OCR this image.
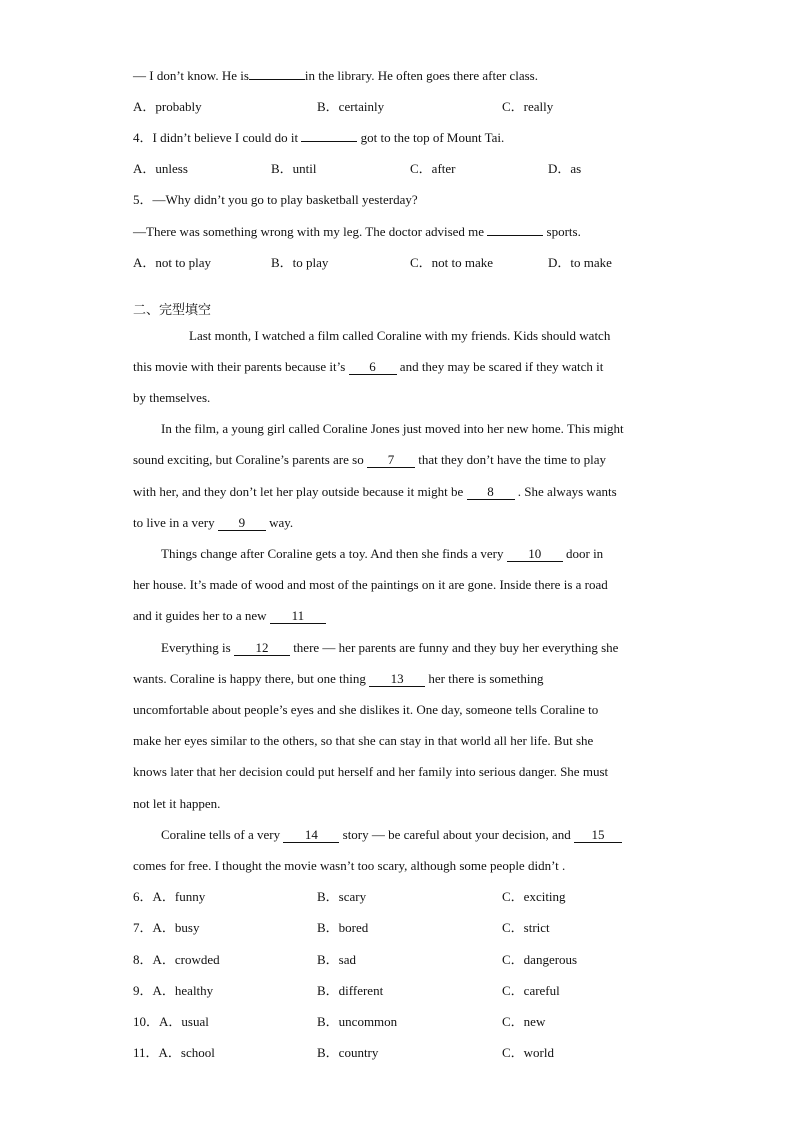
— I don’t know. He is	in the library. He often goes there after class.
A．probably	B．certainly	C．really
4．I didn’t believe I could do it	got to the top of Mount Tai.
A．unless	B．until	C．after	D．as
5．—Why didn’t you go to play basketball yesterday?
—There was something wrong with my leg. The doctor advised me	sports.
A．not to play	B．to play	C．not to make	D．to make
二、完型填空
Last month, I watched a film called Coraline with my friends. Kids should watch
this movie with their parents because it’s 6 and they may be scared if they watch it
by themselves.
In the film, a young girl called Coraline Jones just moved into her new home. This might
sound exciting, but Coraline’s parents are so 7 that they don’t have the time to play
with her, and they don’t let her play outside because it might be 8 . She always wants
to live in a very 9 way.
Things change after Coraline gets a toy. And then she finds a very 10 door in
her house. It’s made of wood and most of the paintings on it are gone. Inside there is a road
and it guides her to a new 11
Everything is 12 there — her parents are funny and they buy her everything she
wants. Coraline is happy there, but one thing 13 her there is something
uncomfortable about people’s eyes and she dislikes it. One day, someone tells Coraline to
make her eyes similar to the others, so that she can stay in that world all her life. But she
knows later that her decision could put herself and her family into serious danger. She must
not let it happen.
Coraline tells of a very 14 story — be careful about your decision, and 15
comes for free. I thought the movie wasn’t too scary, although some people didn’t .
6．A．funny	B．scary	C．exciting
7．A．busy	B．bored	C．strict
8．A．crowded	B．sad	C．dangerous
9．A．healthy	B．different	C．careful
10．A．usual	B．uncommon	C．new
11．A．school	B．country	C．world
